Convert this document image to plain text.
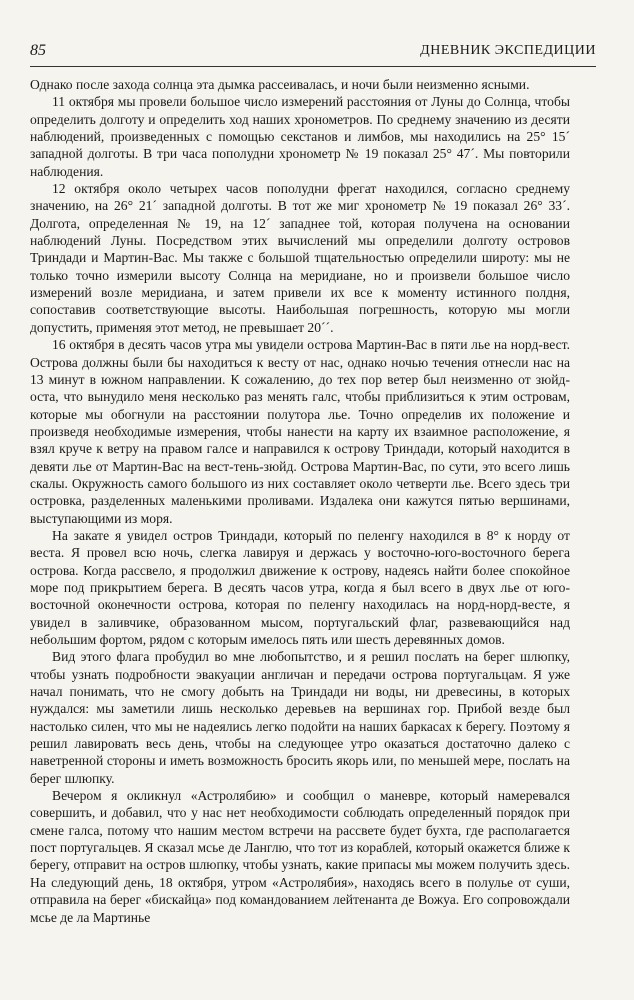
85	ДНЕВНИК ЭКСПЕДИЦИИ

Однако после захода солнца эта дымка рассеивалась, и ночи были неизменно ясными.

11 октября мы провели большое число измерений расстояния от Луны до Солнца, чтобы определить долготу и определить ход наших хронометров. По среднему значению из десяти наблюдений, произведенных с помощью секстанов и лимбов, мы находились на 25° 15´ западной долготы. В три часа пополудни хронометр № 19 показал 25° 47´. Мы повторили наблюдения.

12 октября около четырех часов пополудни фрегат находился, согласно среднему значению, на 26° 21´ западной долготы. В тот же миг хронометр № 19 показал 26° 33´. Долгота, определенная № 19, на 12´ западнее той, которая получена на основании наблюдений Луны. Посредством этих вычислений мы определили долготу островов Триндади и Мартин-Вас. Мы также с большой тщательностью определили широту: мы не только точно измерили высоту Солнца на меридиане, но и произвели большое число измерений возле меридиана, и затем привели их все к моменту истинного полдня, сопоставив соответствующие высоты. Наибольшая погрешность, которую мы могли допустить, применяя этот метод, не превышает 20´´.

16 октября в десять часов утра мы увидели острова Мартин-Вас в пяти лье на норд-вест. Острова должны были бы находиться к весту от нас, однако ночью течения отнесли нас на 13 минут в южном направлении. К сожалению, до тех пор ветер был неизменно от зюйд-оста, что вынудило меня несколько раз менять галс, чтобы приблизиться к этим островам, которые мы обогнули на расстоянии полутора лье. Точно определив их положение и произведя необходимые измерения, чтобы нанести на карту их взаимное расположение, я взял круче к ветру на правом галсе и направился к острову Триндади, который находится в девяти лье от Мартин-Вас на вест-тень-зюйд. Острова Мартин-Вас, по сути, это всего лишь скалы. Окружность самого большого из них составляет около четверти лье. Всего здесь три островка, разделенных маленькими проливами. Издалека они кажутся пятью вершинами, выступающими из моря.

На закате я увидел остров Триндади, который по пеленгу находился в 8° к норду от веста. Я провел всю ночь, слегка лавируя и держась у восточно-юго-восточного берега острова. Когда рассвело, я продолжил движение к острову, надеясь найти более спокойное море под прикрытием берега. В десять часов утра, когда я был всего в двух лье от юго-восточной оконечности острова, которая по пеленгу находилась на норд-норд-весте, я увидел в заливчике, образованном мысом, португальский флаг, развевающийся над небольшим фортом, рядом с которым имелось пять или шесть деревянных домов.

Вид этого флага пробудил во мне любопытство, и я решил послать на берег шлюпку, чтобы узнать подробности эвакуации англичан и передачи острова португальцам. Я уже начал понимать, что не смогу добыть на Триндади ни воды, ни древесины, в которых нуждался: мы заметили лишь несколько деревьев на вершинах гор. Прибой везде был настолько силен, что мы не надеялись легко подойти на наших баркасах к берегу. Поэтому я решил лавировать весь день, чтобы на следующее утро оказаться достаточно далеко с наветренной стороны и иметь возможность бросить якорь или, по меньшей мере, послать на берег шлюпку.

Вечером я окликнул «Астролябию» и сообщил о маневре, который намеревался совершить, и добавил, что у нас нет необходимости соблюдать определенный порядок при смене галса, потому что нашим местом встречи на рассвете будет бухта, где располагается пост португальцев. Я сказал мсье де Ланглю, что тот из кораблей, который окажется ближе к берегу, отправит на остров шлюпку, чтобы узнать, какие припасы мы можем получить здесь. На следующий день, 18 октября, утром «Астролябия», находясь всего в полулье от суши, отправила на берег «бискайца» под командованием лейтенанта де Вожуа. Его сопровождали мсье де ла Мартинье
